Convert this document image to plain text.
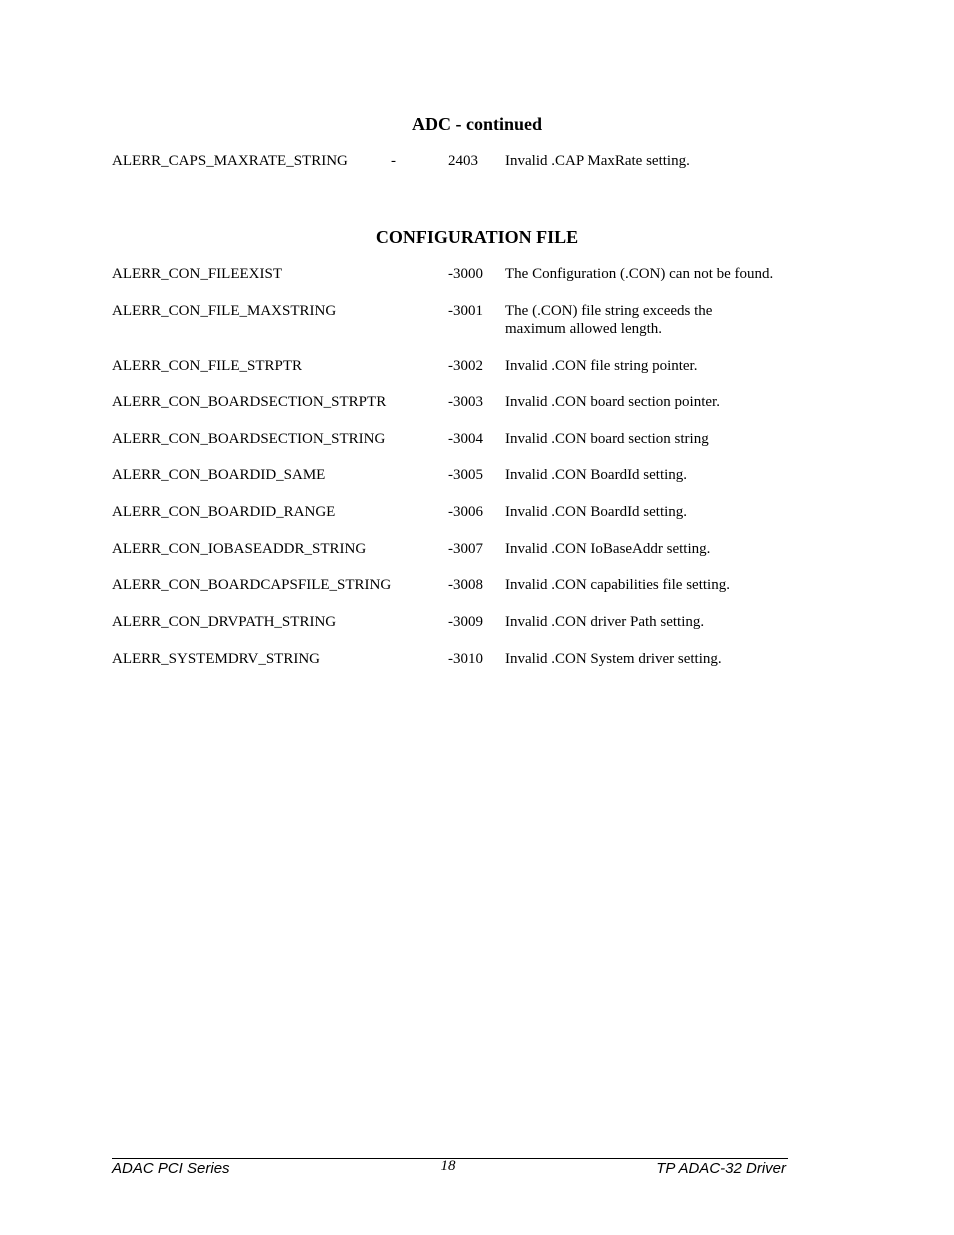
ADC - continued
ALERR_CAPS_MAXRATE_STRING	-	2403 Invalid .CAP MaxRate setting.
CONFIGURATION FILE
ALERR_CON_FILEEXIST	-3000 The Configuration (.CON) can not be found.
ALERR_CON_FILE_MAXSTRING	-3001 The (.CON) file string exceeds the maximum allowed length.
ALERR_CON_FILE_STRPTR	-3002 Invalid .CON file string pointer.
ALERR_CON_BOARDSECTION_STRPTR	-3003 Invalid .CON board section pointer.
ALERR_CON_BOARDSECTION_STRING	-3004 Invalid .CON board section string
ALERR_CON_BOARDID_SAME	-3005 Invalid .CON BoardId setting.
ALERR_CON_BOARDID_RANGE	-3006 Invalid .CON BoardId setting.
ALERR_CON_IOBASEADDR_STRING	-3007 Invalid .CON IoBaseAddr setting.
ALERR_CON_BOARDCAPSFILE_STRING	-3008 Invalid .CON capabilities file setting.
ALERR_CON_DRVPATH_STRING	-3009 Invalid .CON driver Path setting.
ALERR_SYSTEMDRV_STRING	-3010 Invalid .CON System driver setting.
ADAC PCI Series	18	TP ADAC-32 Driver
